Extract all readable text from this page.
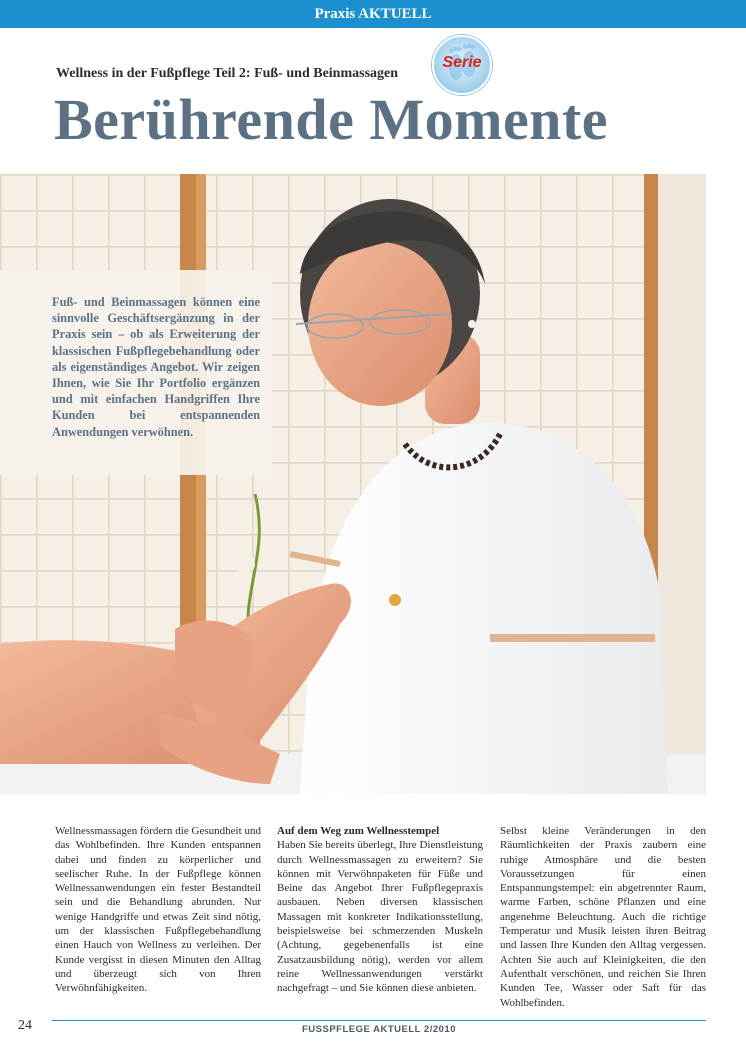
Praxis AKTUELL
Wellness in der Fußpflege Teil 2: Fuß- und Beinmassagen
Serie
Berührende Momente

Fuß- und Beinmassagen können eine sinnvolle Geschäftsergänzung in der Praxis sein – ob als Erweiterung der klassischen Fußpflegebehandlung oder als eigenständiges Angebot. Wir zeigen Ihnen, wie Sie Ihr Portfolio ergänzen und mit einfachen Handgriffen Ihre Kunden bei entspannenden Anwendungen verwöhnen.

Wellnessmassagen fördern die Gesundheit und das Wohlbefinden. Ihre Kunden entspannen dabei und finden zu körperlicher und seelischer Ruhe. In der Fußpflege können Wellnessanwendungen ein fester Bestandteil sein und die Behandlung abrunden. Nur wenige Handgriffe und etwas Zeit sind nötig, um der klassischen Fußpflegebehandlung einen Hauch von Wellness zu verleihen. Der Kunde vergisst in diesen Minuten den Alltag und überzeugt sich von Ihren Verwöhnfähigkeiten.

Auf dem Weg zum Wellnesstempel

Haben Sie bereits überlegt, Ihre Dienstleistung durch Wellnessmassagen zu erweitern? Sie können mit Verwöhnpaketen für Füße und Beine das Angebot Ihrer Fußpflegepraxis ausbauen. Neben diversen klassischen Massagen mit konkreter Indikationsstellung, beispielsweise bei schmerzenden Muskeln (Achtung, gegebenenfalls ist eine Zusatzausbildung nötig), werden vor allem reine Wellnessanwendungen verstärkt nachgefragt – und Sie können diese anbieten.

Selbst kleine Veränderungen in den Räumlichkeiten der Praxis zaubern eine ruhige Atmosphäre und die besten Voraussetzungen für einen Entspannungstempel: ein abgetrennter Raum, warme Farben, schöne Pflanzen und eine angenehme Beleuchtung. Auch die richtige Temperatur und Musik leisten ihren Beitrag und lassen Ihre Kunden den Alltag vergessen. Achten Sie auch auf Kleinigkeiten, die den Aufenthalt verschönen, und reichen Sie Ihren Kunden Tee, Wasser oder Saft für das Wohlbefinden.

24	FUSSPFLEGE AKTUELL 2/2010
